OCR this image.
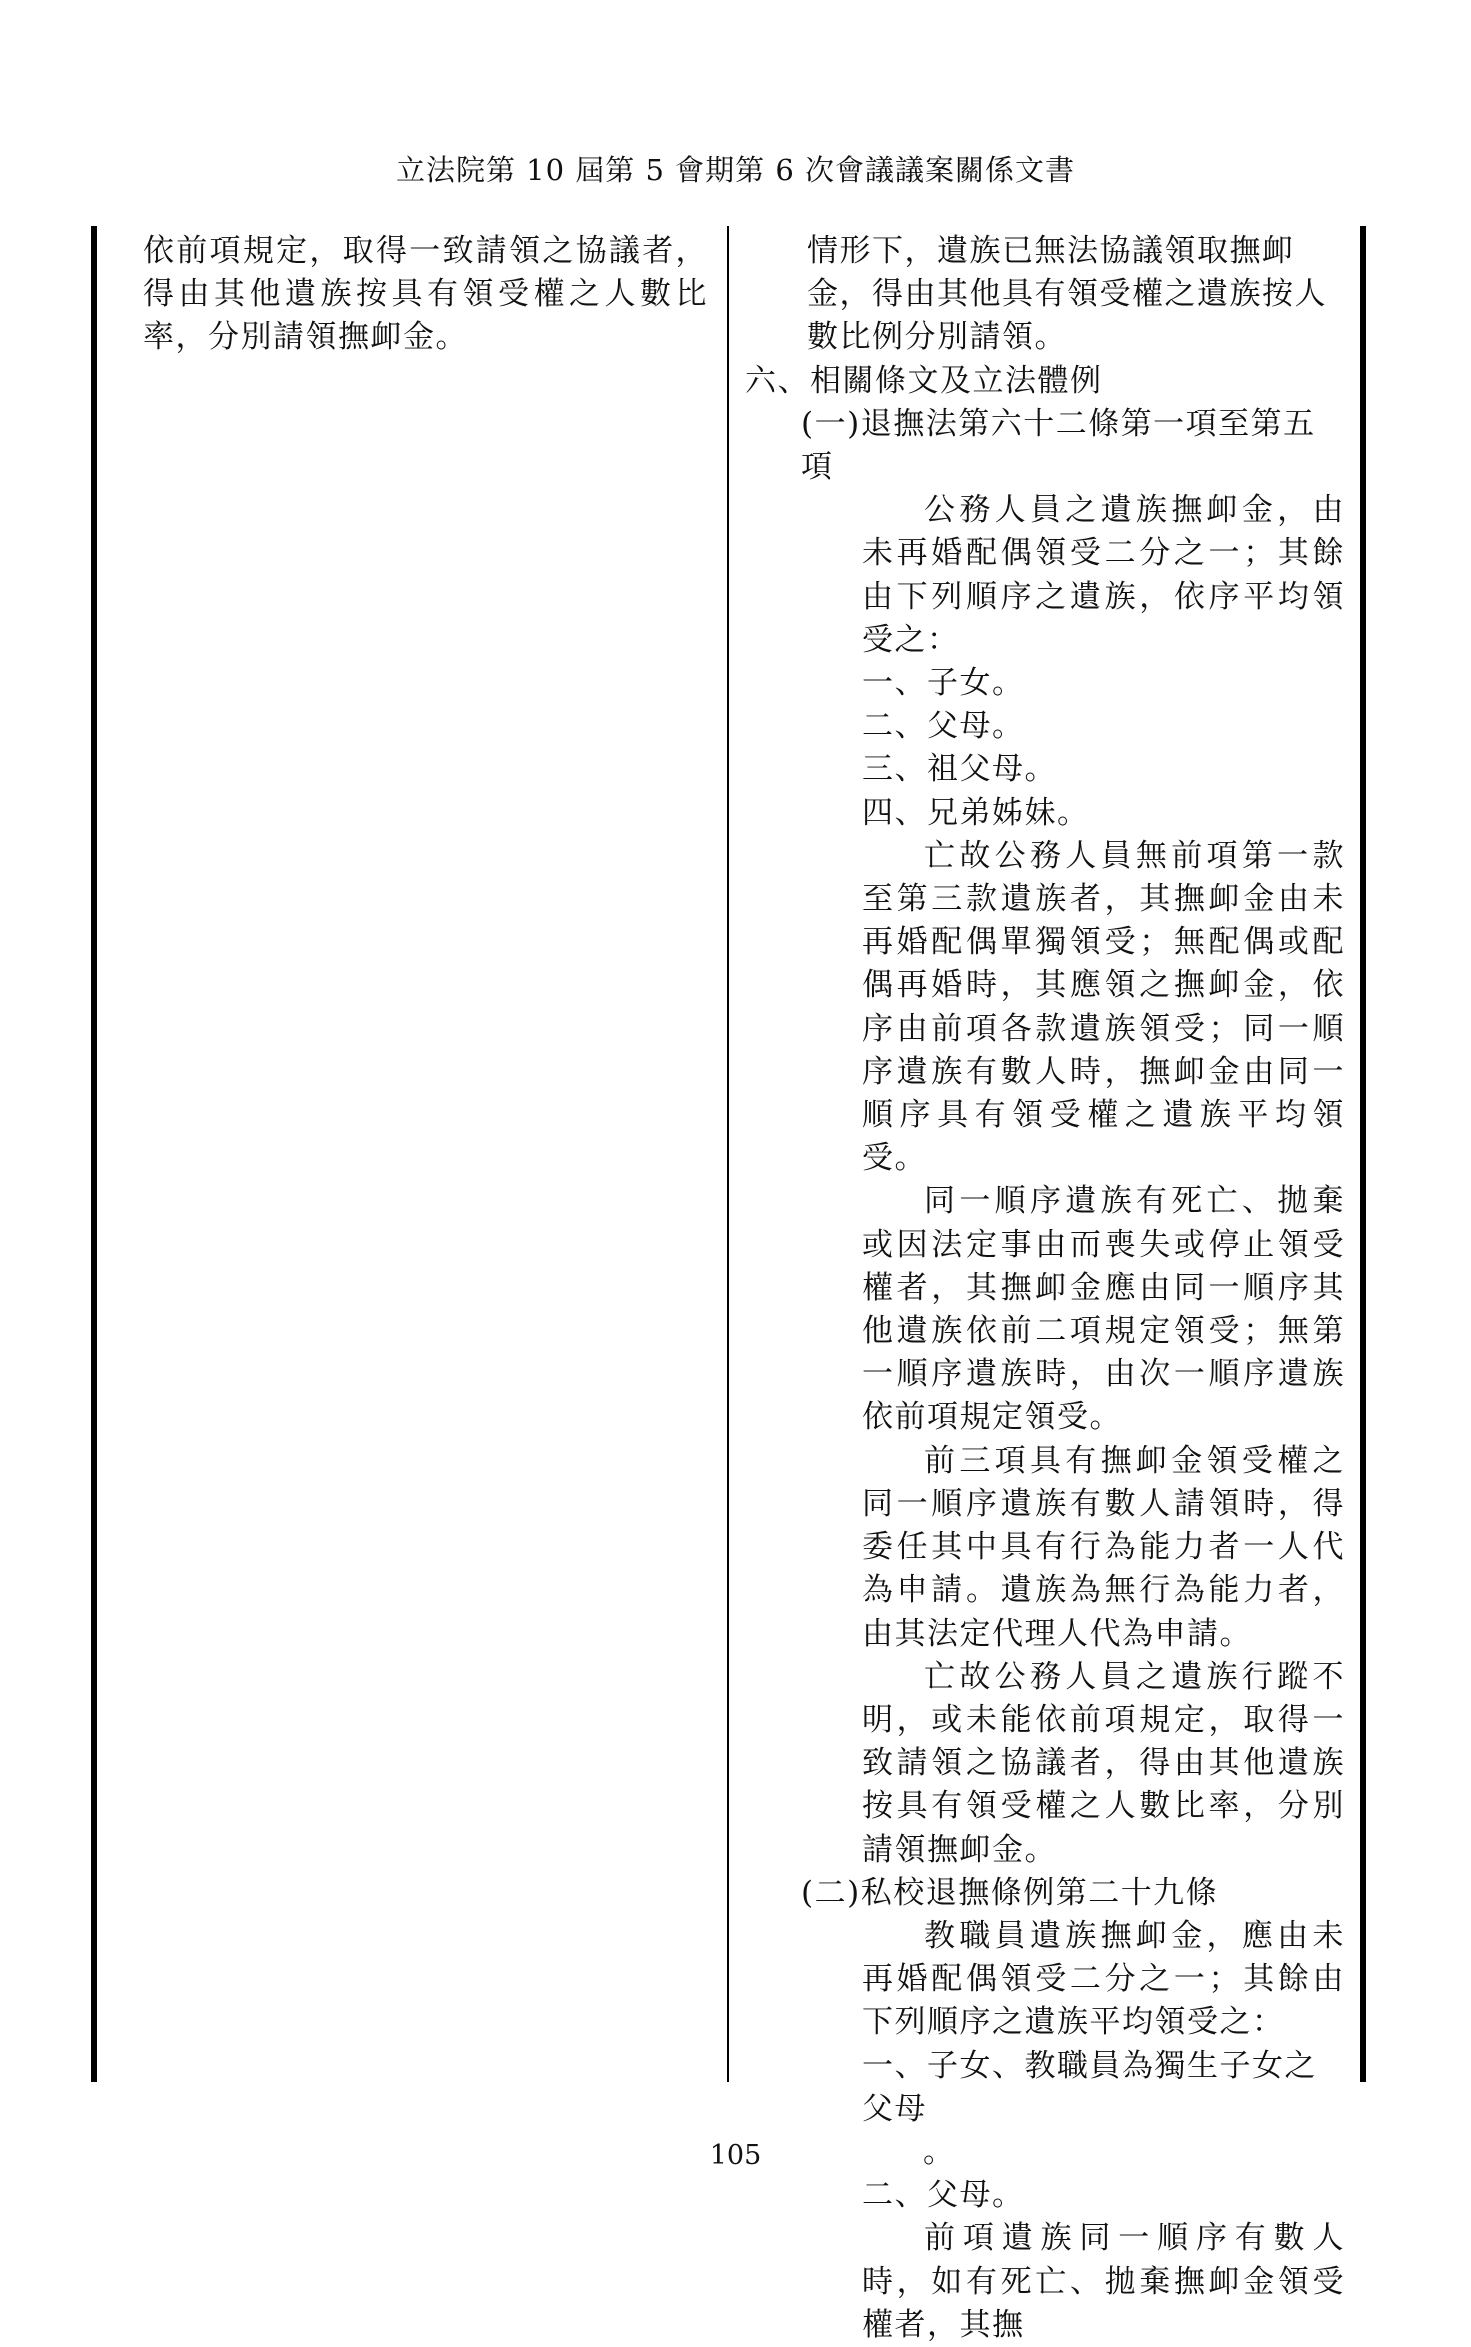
立法院第 10 屆第 5 會期第 6 次會議議案關係文書

依前項規定，取得一致請領之協議者，得由其他遺族按具有領受權之人數比率，分別請領撫卹金。

情形下，遺族已無法協議領取撫卹金，得由其他具有領受權之遺族按人數比例分別請領。

六、相關條文及立法體例

(一)退撫法第六十二條第一項至第五項

公務人員之遺族撫卹金，由未再婚配偶領受二分之一；其餘由下列順序之遺族，依序平均領受之：

一、子女。

二、父母。

三、祖父母。

四、兄弟姊妹。

亡故公務人員無前項第一款至第三款遺族者，其撫卹金由未再婚配偶單獨領受；無配偶或配偶再婚時，其應領之撫卹金，依序由前項各款遺族領受；同一順序遺族有數人時，撫卹金由同一順序具有領受權之遺族平均領受。

同一順序遺族有死亡、拋棄或因法定事由而喪失或停止領受權者，其撫卹金應由同一順序其他遺族依前二項規定領受；無第一順序遺族時，由次一順序遺族依前項規定領受。

前三項具有撫卹金領受權之同一順序遺族有數人請領時，得委任其中具有行為能力者一人代為申請。遺族為無行為能力者，由其法定代理人代為申請。

亡故公務人員之遺族行蹤不明，或未能依前項規定，取得一致請領之協議者，得由其他遺族按具有領受權之人數比率，分別請領撫卹金。

(二)私校退撫條例第二十九條

教職員遺族撫卹金，應由未再婚配偶領受二分之一；其餘由下列順序之遺族平均領受之：

一、子女、教職員為獨生子女之父母

。

二、父母。

前項遺族同一順序有數人時，如有死亡、拋棄撫卹金領受權者，其撫

105
